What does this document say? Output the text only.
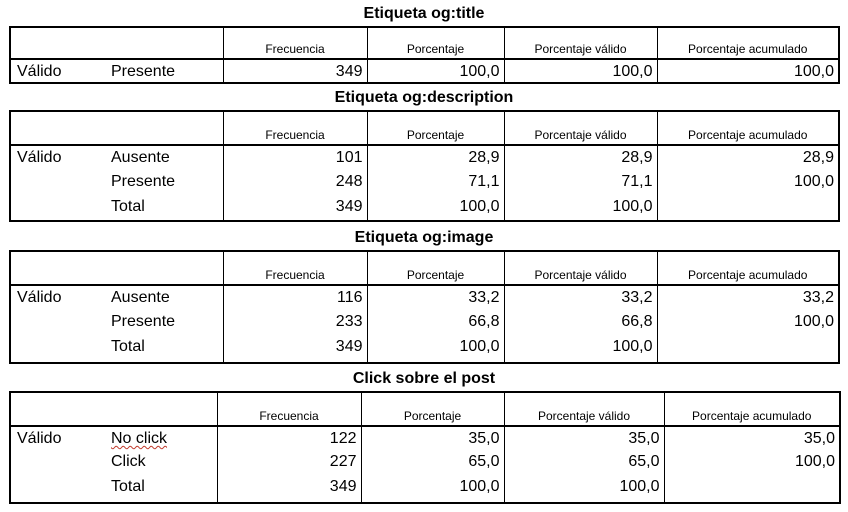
Etiqueta og:title
		Frecuencia	Porcentaje	Porcentaje válido	Porcentaje acumulado
Válido	Presente	349	100,0	100,0	100,0
Etiqueta og:description
		Frecuencia	Porcentaje	Porcentaje válido	Porcentaje acumulado
Válido	Ausente	101	28,9	28,9	28,9
	Presente	248	71,1	71,1	100,0
	Total	349	100,0	100,0	
Etiqueta og:image
		Frecuencia	Porcentaje	Porcentaje válido	Porcentaje acumulado
Válido	Ausente	116	33,2	33,2	33,2
	Presente	233	66,8	66,8	100,0
	Total	349	100,0	100,0	
Click sobre el post
		Frecuencia	Porcentaje	Porcentaje válido	Porcentaje acumulado
Válido	No click	122	35,0	35,0	35,0
	Click	227	65,0	65,0	100,0
	Total	349	100,0	100,0	
